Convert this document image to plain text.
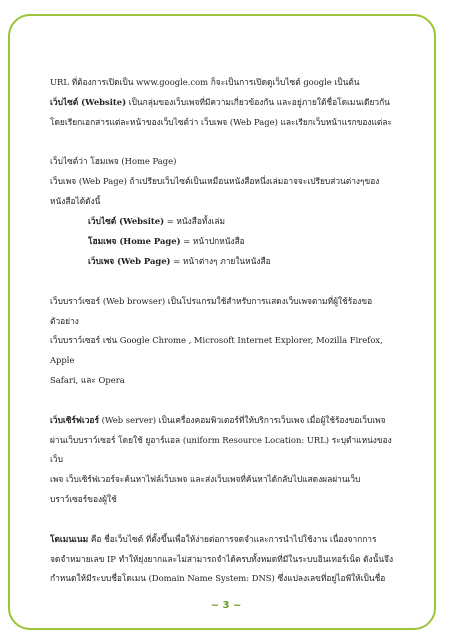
URL ที่ต้องการเปิดเป็น www.google.com ก็จะเป็นการเปิดดูเว็บไซต์ google เป็นต้น

เว็บไซต์ (Website) เป็นกลุ่มของเว็บเพจที่มีความเกี่ยวข้องกัน และอยู่ภายใต้ชื่อโดเมนเดียวกัน

โดยเรียกเอกสารแต่ละหน้าของเว็บไซต์ว่า เว็บเพจ (Web Page) และเรียกเว็บหน้าแรกของแต่ละ

เว็บไซต์ว่า โฮมเพจ (Home Page)

เว็บเพจ (Web Page) ถ้าเปรียบเว็บไซต์เป็นเหมือนหนังสือหนึ่งเล่มอาจจะเปรียบส่วนต่างๆของ

หนังสือได้ดังนี้

เว็บไซต์ (Website) = หนังสือทั้งเล่ม

โฮมเพจ (Home Page) = หน้าปกหนังสือ

เว็บเพจ (Web Page) = หน้าต่างๆ ภายในหนังสือ

เว็บบราว์เซอร์ (Web browser) เป็นโปรแกรมใช้สำหรับการแสดงเว็บเพจตามที่ผู้ใช้ร้องขอ

ตัวอย่าง

เว็บบราว์เซอร์ เช่น Google Chrome , Microsoft Internet Explorer, Mozilla Firefox, Apple

Safari, และ Opera

เว็บเซิร์ฟเวอร์ (Web server) เป็นเครื่องคอมพิวเตอร์ที่ให้บริการเว็บเพจ เมื่อผู้ใช้ร้องขอเว็บเพจ

ผ่านเว็บบราว์เซอร์ โดยใช้ ยูอาร์แอล (uniform Resource Location: URL) ระบุตำแหน่งของเว็บ

เพจ เว็บเซิร์ฟเวอร์จะค้นหาไฟล์เว็บเพจ และส่งเว็บเพจที่ค้นหาได้กลับไปแสดงผลผ่านเว็บ

บราว์เซอร์ของผู้ใช้

โดเมนเนม คือ ชื่อเว็บไซต์ ที่ตั้งขึ้นเพื่อให้ง่ายต่อการจดจำและการนำไปใช้งาน เนื่องจากการ

จดจำหมายเลข IP ทำให้ยุ่งยากและไม่สามารถจำได้ครบทั้งหมดที่มีในระบบอินเทอร์เน็ต ดังนั้นจึง

กำหนดให้มีระบบชื่อโดเมน (Domain Name System: DNS) ซึ่งแปลงเลขที่อยู่ไอพีให้เป็นชื่อ

~ 3 ~
